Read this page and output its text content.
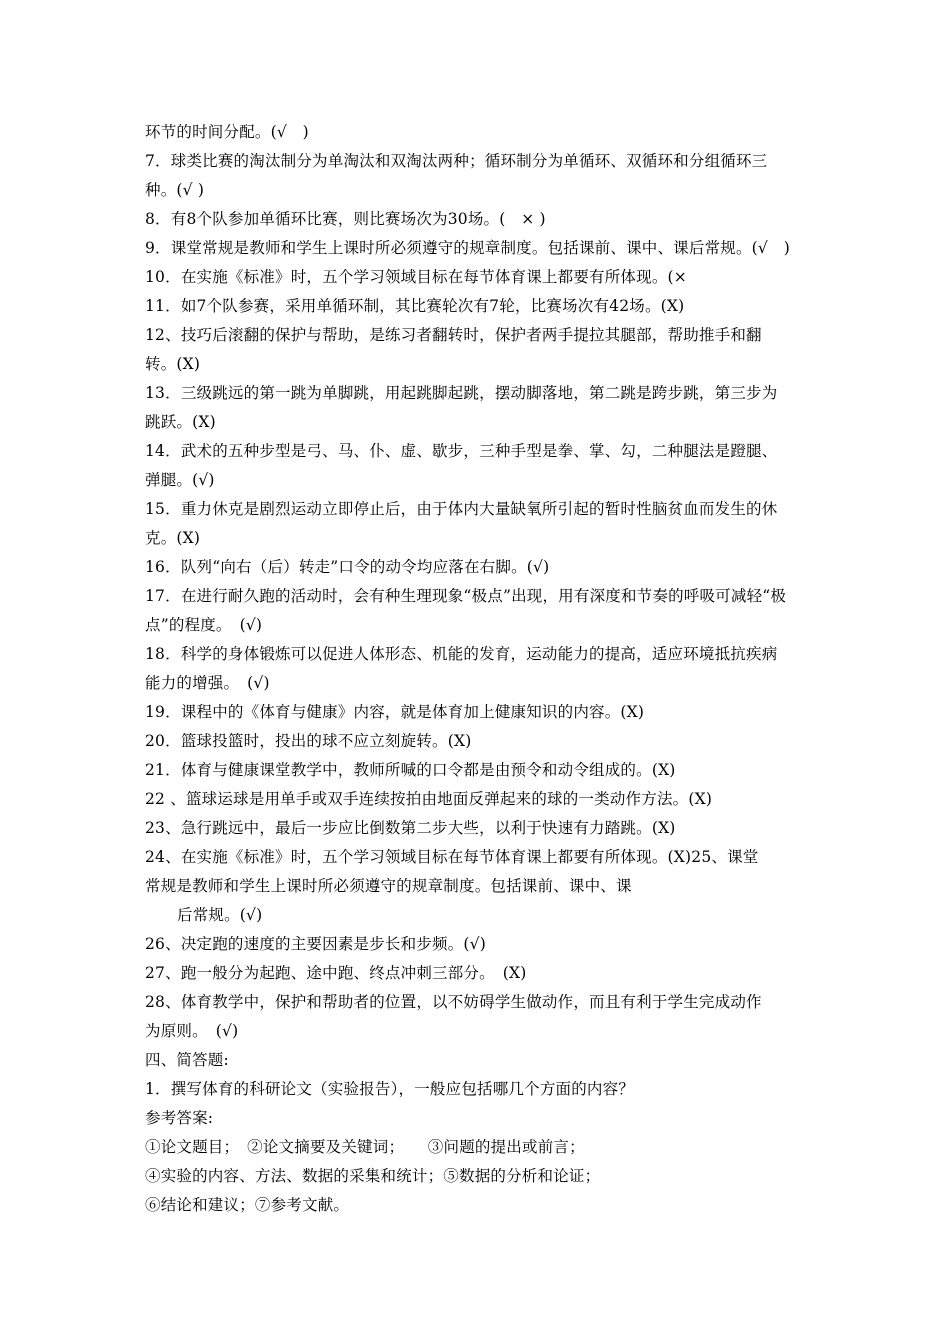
环节的时间分配。(√　)
7．球类比赛的淘汰制分为单淘汰和双淘汰两种；循环制分为单循环、双循环和分组循环三
种。(√ )
8．有8个队参加单循环比赛，则比赛场次为30场。(　× )
9．课堂常规是教师和学生上课时所必须遵守的规章制度。包括课前、课中、课后常规。(√　)
10．在实施《标准》时，五个学习领域目标在每节体育课上都要有所体现。(×
11．如7个队参赛，采用单循环制，其比赛轮次有7轮，比赛场次有42场。(X)
12、技巧后滚翻的保护与帮助，是练习者翻转时，保护者两手提拉其腿部，帮助推手和翻
转。(X)
13．三级跳远的第一跳为单脚跳，用起跳脚起跳，摆动脚落地，第二跳是跨步跳，第三步为
跳跃。(X)
14．武术的五种步型是弓、马、仆、虚、歇步，三种手型是拳、掌、勾，二种腿法是蹬腿、
弹腿。(√)
15．重力休克是剧烈运动立即停止后，由于体内大量缺氧所引起的暂时性脑贫血而发生的休
克。(X)
16．队列“向右（后）转走”口令的动令均应落在右脚。(√)
17．在进行耐久跑的活动时，会有种生理现象“极点”出现，用有深度和节奏的呼吸可减轻“极
点”的程度。　(√)
18．科学的身体锻炼可以促进人体形态、机能的发育，运动能力的提高，适应环境抵抗疾病
能力的增强。　(√)
19．课程中的《体育与健康》内容，就是体育加上健康知识的内容。(X)
20．篮球投篮时，投出的球不应立刻旋转。(X)
21．体育与健康课堂教学中，教师所喊的口令都是由预令和动令组成的。(X)
22 、篮球运球是用单手或双手连续按拍由地面反弹起来的球的一类动作方法。(X)
23、急行跳远中，最后一步应比倒数第二步大些，以利于快速有力踏跳。(X)
24、在实施《标准》时，五个学习领域目标在每节体育课上都要有所体现。(X)25、课堂
常规是教师和学生上课时所必须遵守的规章制度。包括课前、课中、课
后常规。(√)
26、决定跑的速度的主要因素是步长和步频。(√)
27、跑一般分为起跑、途中跑、终点冲刺三部分。　(X)
28、体育教学中，保护和帮助者的位置，以不妨碍学生做动作，而且有利于学生完成动作
为原则。　(√)
四、简答题:
1．撰写体育的科研论文（实验报告），一般应包括哪几个方面的内容？
参考答案:
①论文题目；　②论文摘要及关键词；　　③问题的提出或前言；
④实验的内容、方法、数据的采集和统计；⑤数据的分析和论证；
⑥结论和建议；⑦参考文献。
